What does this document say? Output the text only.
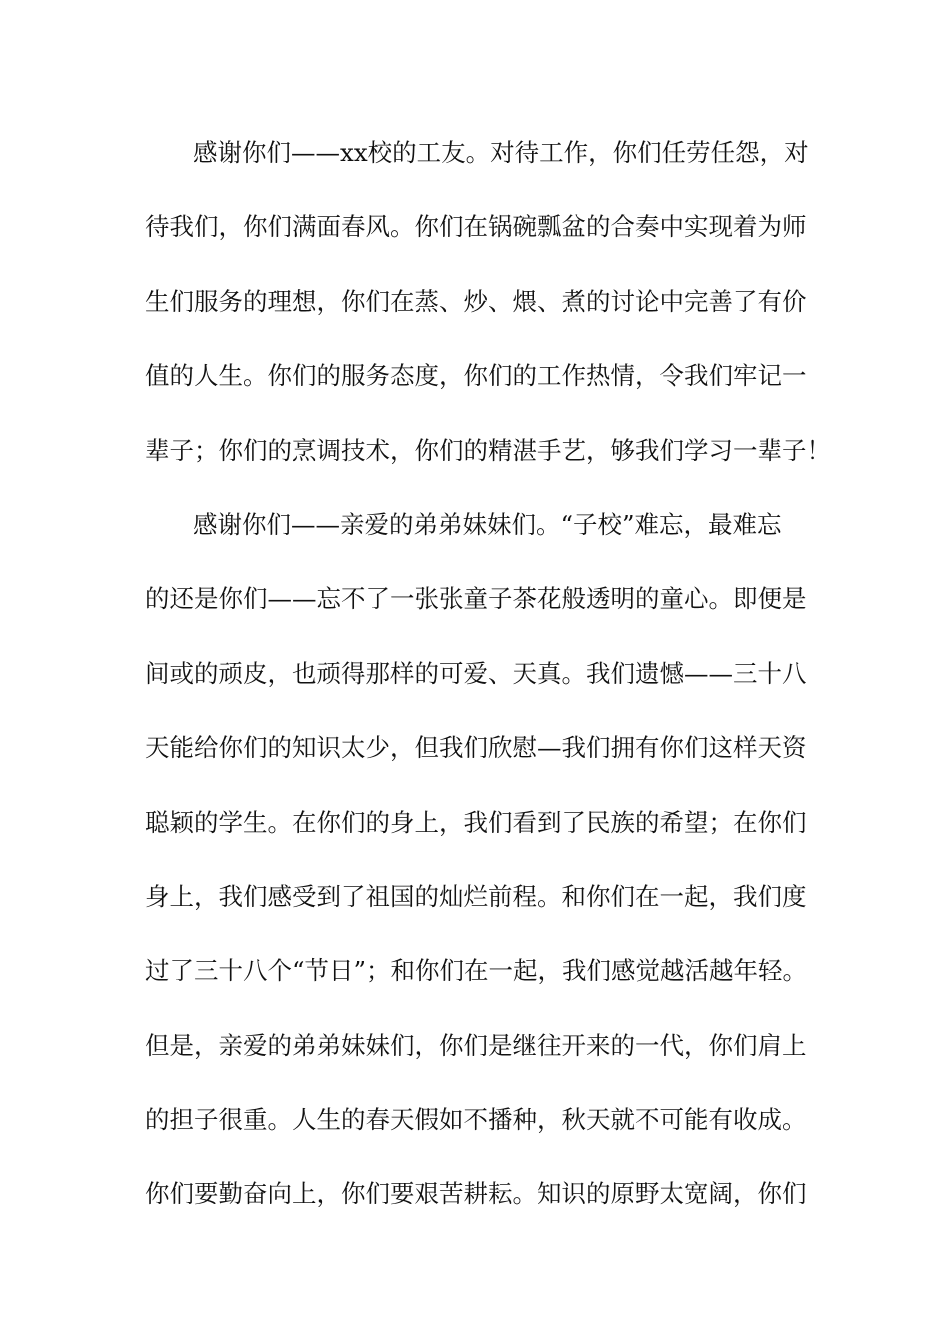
感谢你们——xx校的工友。对待工作，你们任劳任怨，对
待我们，你们满面春风。你们在锅碗瓢盆的合奏中实现着为师
生们服务的理想，你们在蒸、炒、煨、煮的讨论中完善了有价
值的人生。你们的服务态度，你们的工作热情，令我们牢记一
辈子；你们的烹调技术，你们的精湛手艺，够我们学习一辈子！
感谢你们——亲爱的弟弟妹妹们。“子校”难忘，最难忘
的还是你们——忘不了一张张童子茶花般透明的童心。即便是
间或的顽皮，也顽得那样的可爱、天真。我们遗憾——三十八
天能给你们的知识太少，但我们欣慰—我们拥有你们这样天资
聪颖的学生。在你们的身上，我们看到了民族的希望；在你们
身上，我们感受到了祖国的灿烂前程。和你们在一起，我们度
过了三十八个“节日”；和你们在一起，我们感觉越活越年轻。
但是，亲爱的弟弟妹妹们，你们是继往开来的一代，你们肩上
的担子很重。人生的春天假如不播种，秋天就不可能有收成。
你们要勤奋向上，你们要艰苦耕耘。知识的原野太宽阔，你们
